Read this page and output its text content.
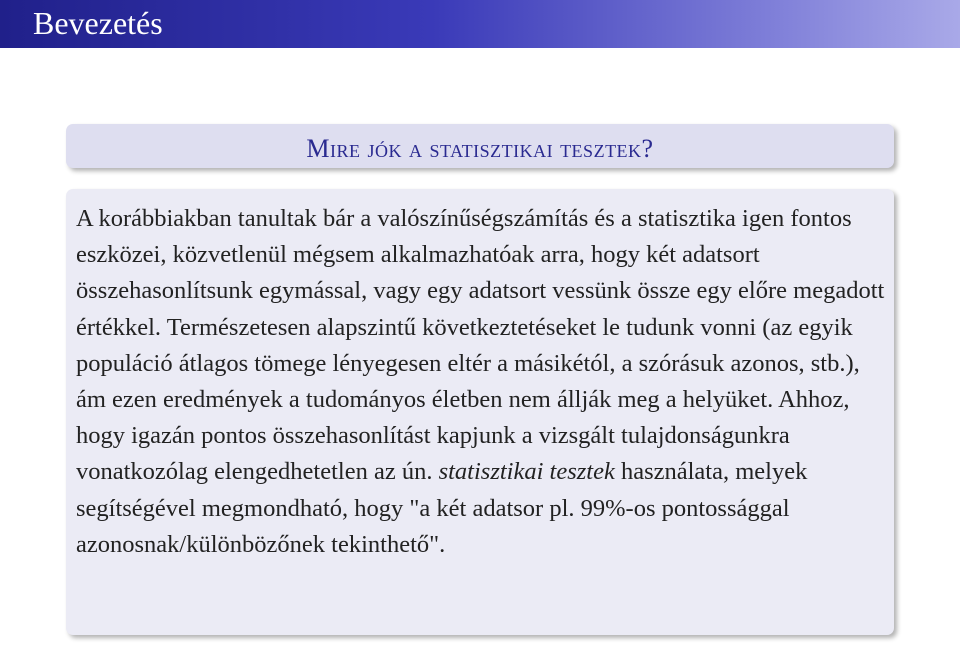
Bevezetés
Mire jók a statisztikai tesztek?

A korábbiakban tanultak bár a valószínűségszámítás és a statisztika igen fontos eszközei, közvetlenül mégsem alkalmazhatóak arra, hogy két adatsort összehasonlítsunk egymással, vagy egy adatsort vessünk össze egy előre megadott értékkel. Természetesen alapszintű következtetéseket le tudunk vonni (az egyik populáció átlagos tömege lényegesen eltér a másikétól, a szórásuk azonos, stb.), ám ezen eredmények a tudományos életben nem állják meg a helyüket. Ahhoz, hogy igazán pontos összehasonlítást kapjunk a vizsgált tulajdonságunkra vonatkozólag elengedhetetlen az ún. statisztikai tesztek használata, melyek segítségével megmondható, hogy "a két adatsor pl. 99%-os pontossággal azonosnak/különbözőnek tekinthető".
